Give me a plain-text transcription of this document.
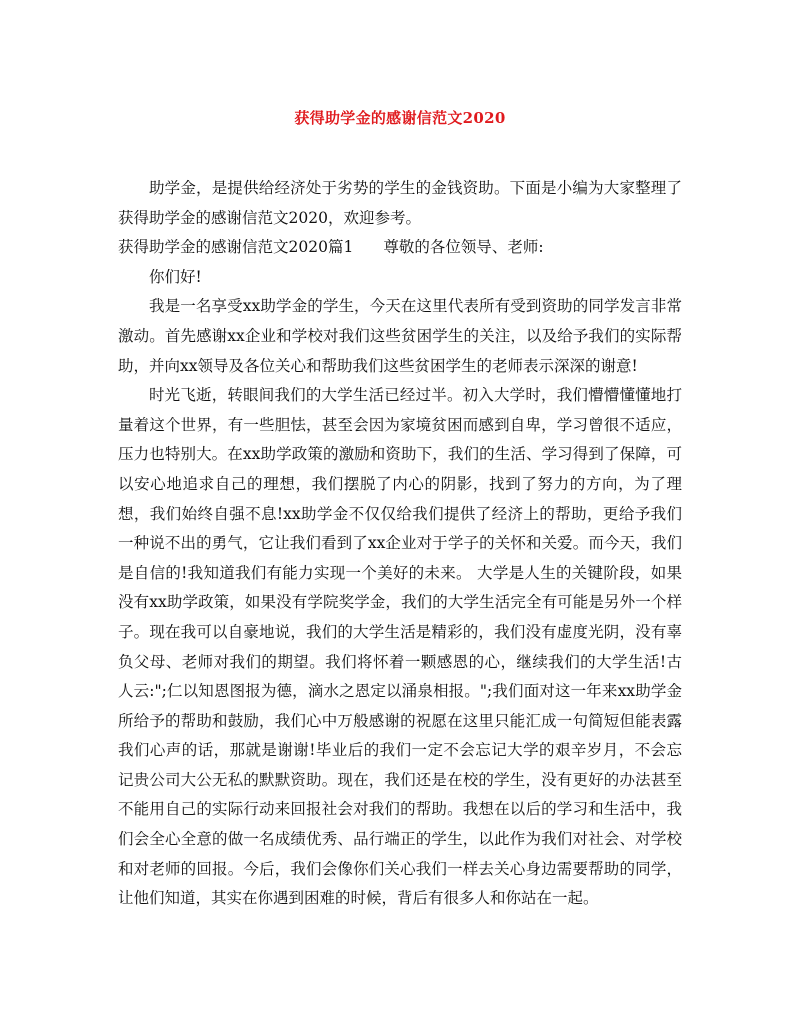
获得助学金的感谢信范文2020

助学金，是提供给经济处于劣势的学生的金钱资助。下面是小编为大家整理了获得助学金的感谢信范文2020，欢迎参考。

获得助学金的感谢信范文2020篇1 尊敬的各位领导、老师:

你们好!

我是一名享受xx助学金的学生，今天在这里代表所有受到资助的同学发言非常激动。首先感谢xx企业和学校对我们这些贫困学生的关注，以及给予我们的实际帮助，并向xx领导及各位关心和帮助我们这些贫困学生的老师表示深深的谢意!

时光飞逝，转眼间我们的大学生活已经过半。初入大学时，我们懵懵懂懂地打量着这个世界，有一些胆怯，甚至会因为家境贫困而感到自卑，学习曾很不适应，压力也特别大。在xx助学政策的激励和资助下，我们的生活、学习得到了保障，可以安心地追求自己的理想，我们摆脱了内心的阴影，找到了努力的方向，为了理想，我们始终自强不息!xx助学金不仅仅给我们提供了经济上的帮助，更给予我们一种说不出的勇气，它让我们看到了xx企业对于学子的关怀和关爱。而今天，我们是自信的!我知道我们有能力实现一个美好的未来。 大学是人生的关键阶段，如果没有xx助学政策，如果没有学院奖学金，我们的大学生活完全有可能是另外一个样子。现在我可以自豪地说，我们的大学生活是精彩的，我们没有虚度光阴，没有辜负父母、老师对我们的期望。我们将怀着一颗感恩的心，继续我们的大学生活!古人云:";仁以知恩图报为德，滴水之恩定以涌泉相报。";我们面对这一年来xx助学金所给予的帮助和鼓励，我们心中万般感谢的祝愿在这里只能汇成一句简短但能表露我们心声的话，那就是谢谢!毕业后的我们一定不会忘记大学的艰辛岁月，不会忘记贵公司大公无私的默默资助。现在，我们还是在校的学生，没有更好的办法甚至不能用自己的实际行动来回报社会对我们的帮助。我想在以后的学习和生活中，我们会全心全意的做一名成绩优秀、品行端正的学生，以此作为我们对社会、对学校和对老师的回报。今后，我们会像你们关心我们一样去关心身边需要帮助的同学，让他们知道，其实在你遇到困难的时候，背后有很多人和你站在一起。
